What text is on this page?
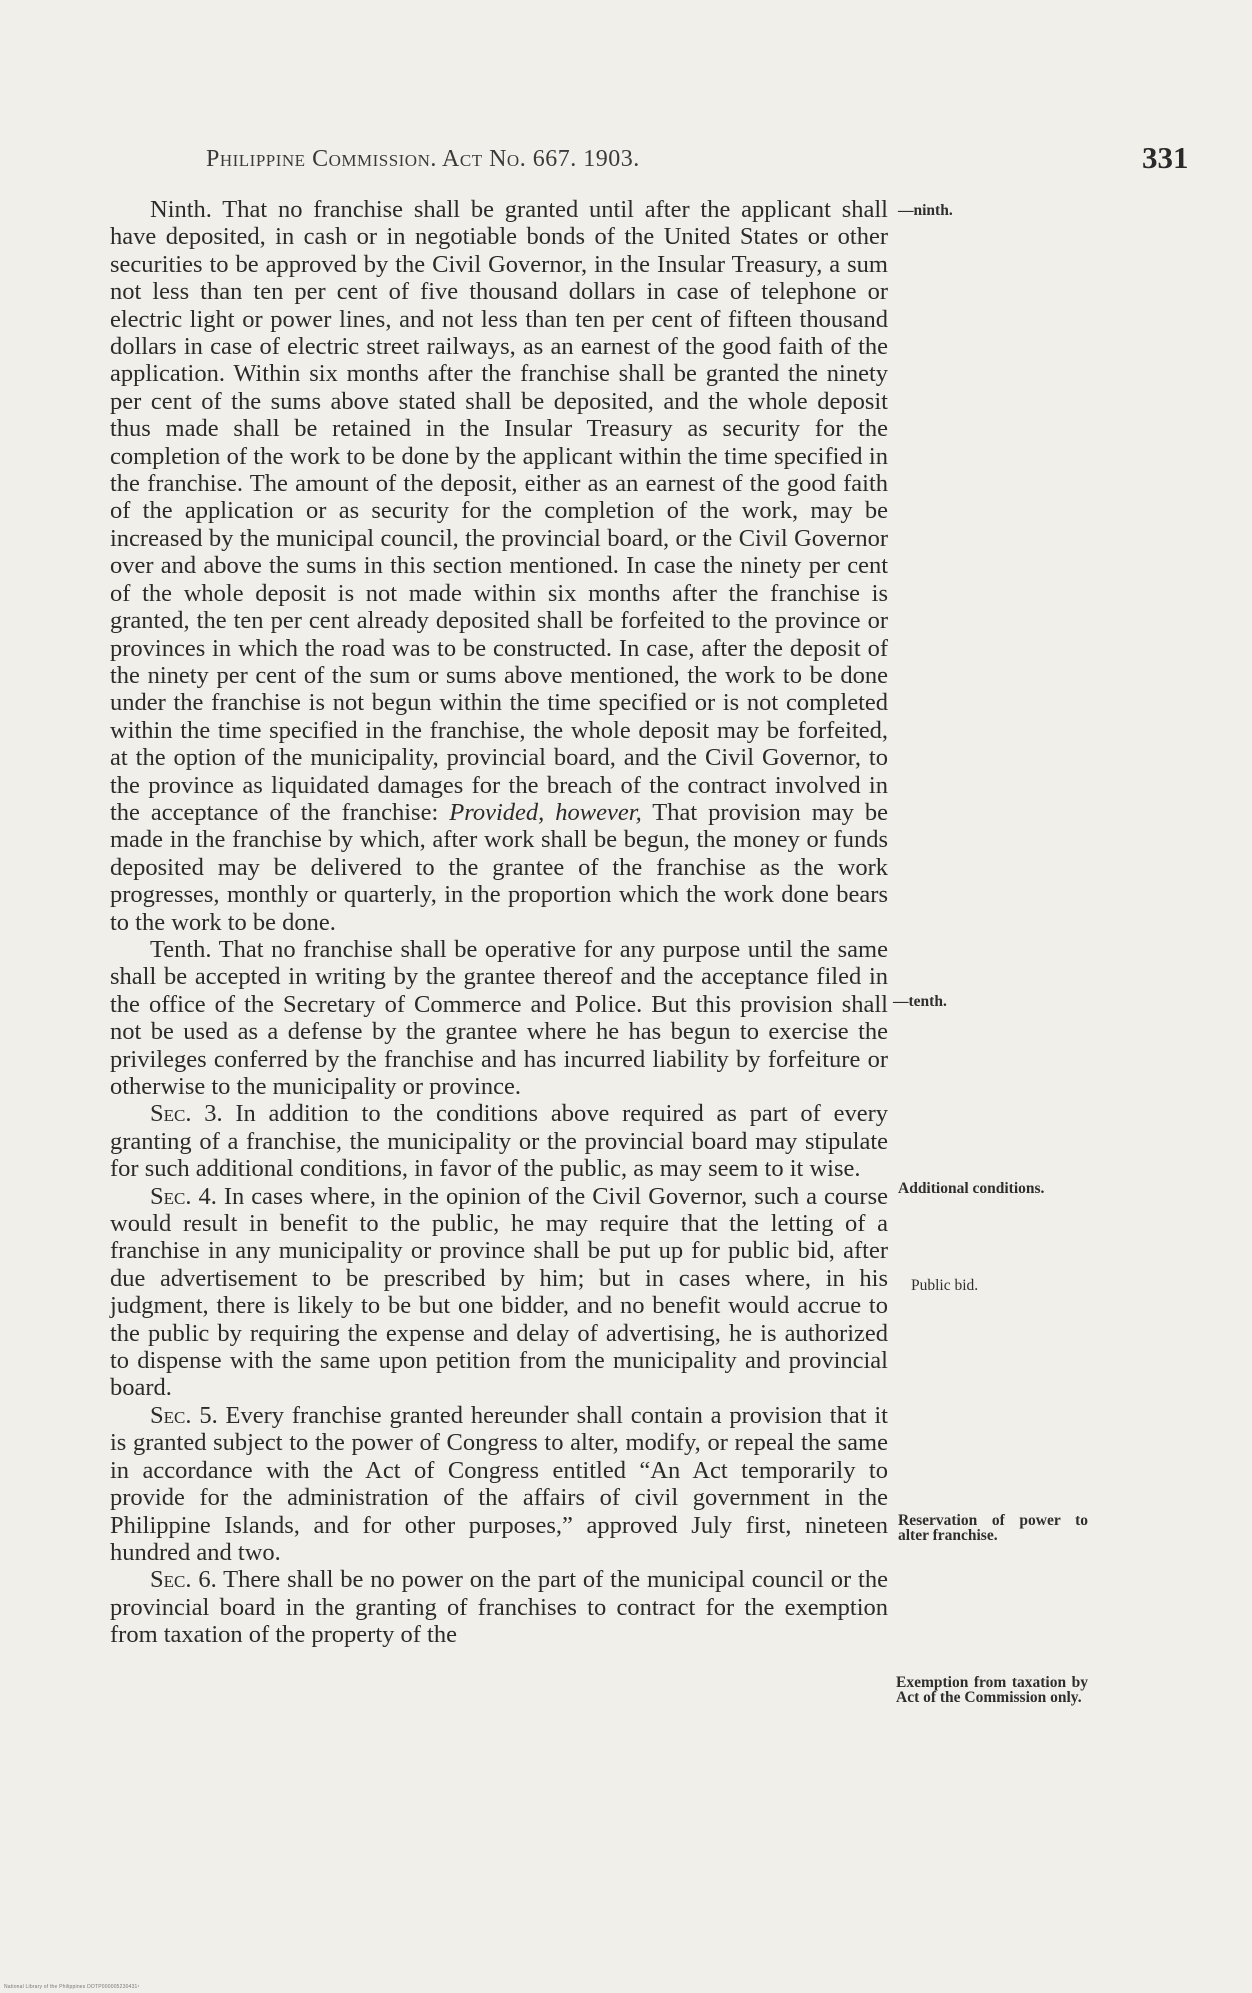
Philippine Commission. Act No. 667. 1903.	331

Ninth. That no franchise shall be granted until after the applicant shall have deposited, in cash or in negotiable bonds of the United States or other securities to be approved by the Civil Governor, in the Insular Treasury, a sum not less than ten per cent of five thousand dollars in case of telephone or electric light or power lines, and not less than ten per cent of fifteen thousand dollars in case of electric street railways, as an earnest of the good faith of the application. Within six months after the franchise shall be granted the ninety per cent of the sums above stated shall be deposited, and the whole deposit thus made shall be retained in the Insular Treasury as security for the completion of the work to be done by the applicant within the time specified in the franchise. The amount of the deposit, either as an earnest of the good faith of the application or as security for the completion of the work, may be increased by the municipal council, the provincial board, or the Civil Governor over and above the sums in this section mentioned. In case the ninety per cent of the whole deposit is not made within six months after the franchise is granted, the ten per cent already deposited shall be forfeited to the province or provinces in which the road was to be constructed. In case, after the deposit of the ninety per cent of the sum or sums above mentioned, the work to be done under the franchise is not begun within the time specified or is not completed within the time specified in the franchise, the whole deposit may be forfeited, at the option of the municipality, provincial board, and the Civil Governor, to the province as liquidated damages for the breach of the contract involved in the acceptance of the franchise: Provided, however, That provision may be made in the franchise by which, after work shall be begun, the money or funds deposited may be delivered to the grantee of the franchise as the work progresses, monthly or quarterly, in the proportion which the work done bears to the work to be done.

Tenth. That no franchise shall be operative for any purpose until the same shall be accepted in writing by the grantee thereof and the acceptance filed in the office of the Secretary of Commerce and Police. But this provision shall not be used as a defense by the grantee where he has begun to exercise the privileges conferred by the franchise and has incurred liability by forfeiture or otherwise to the municipality or province.

Sec. 3. In addition to the conditions above required as part of every granting of a franchise, the municipality or the provincial board may stipulate for such additional conditions, in favor of the public, as may seem to it wise.

Sec. 4. In cases where, in the opinion of the Civil Governor, such a course would result in benefit to the public, he may require that the letting of a franchise in any municipality or province shall be put up for public bid, after due advertisement to be prescribed by him; but in cases where, in his judgment, there is likely to be but one bidder, and no benefit would accrue to the public by requiring the expense and delay of advertising, he is authorized to dispense with the same upon petition from the municipality and provincial board.

Sec. 5. Every franchise granted hereunder shall contain a provision that it is granted subject to the power of Congress to alter, modify, or repeal the same in accordance with the Act of Congress entitled “An Act temporarily to provide for the administration of the affairs of civil government in the Philippine Islands, and for other purposes,” approved July first, nineteen hundred and two.

Sec. 6. There shall be no power on the part of the municipal council or the provincial board in the granting of franchises to contract for the exemption from taxation of the property of the

—ninth.
—tenth.
Additional conditions.
Public bid.
Reservation of power to alter franchise.
Exemption from taxation by Act of the Commission only.
National Library of the Philippines DOTP000005230431¹
